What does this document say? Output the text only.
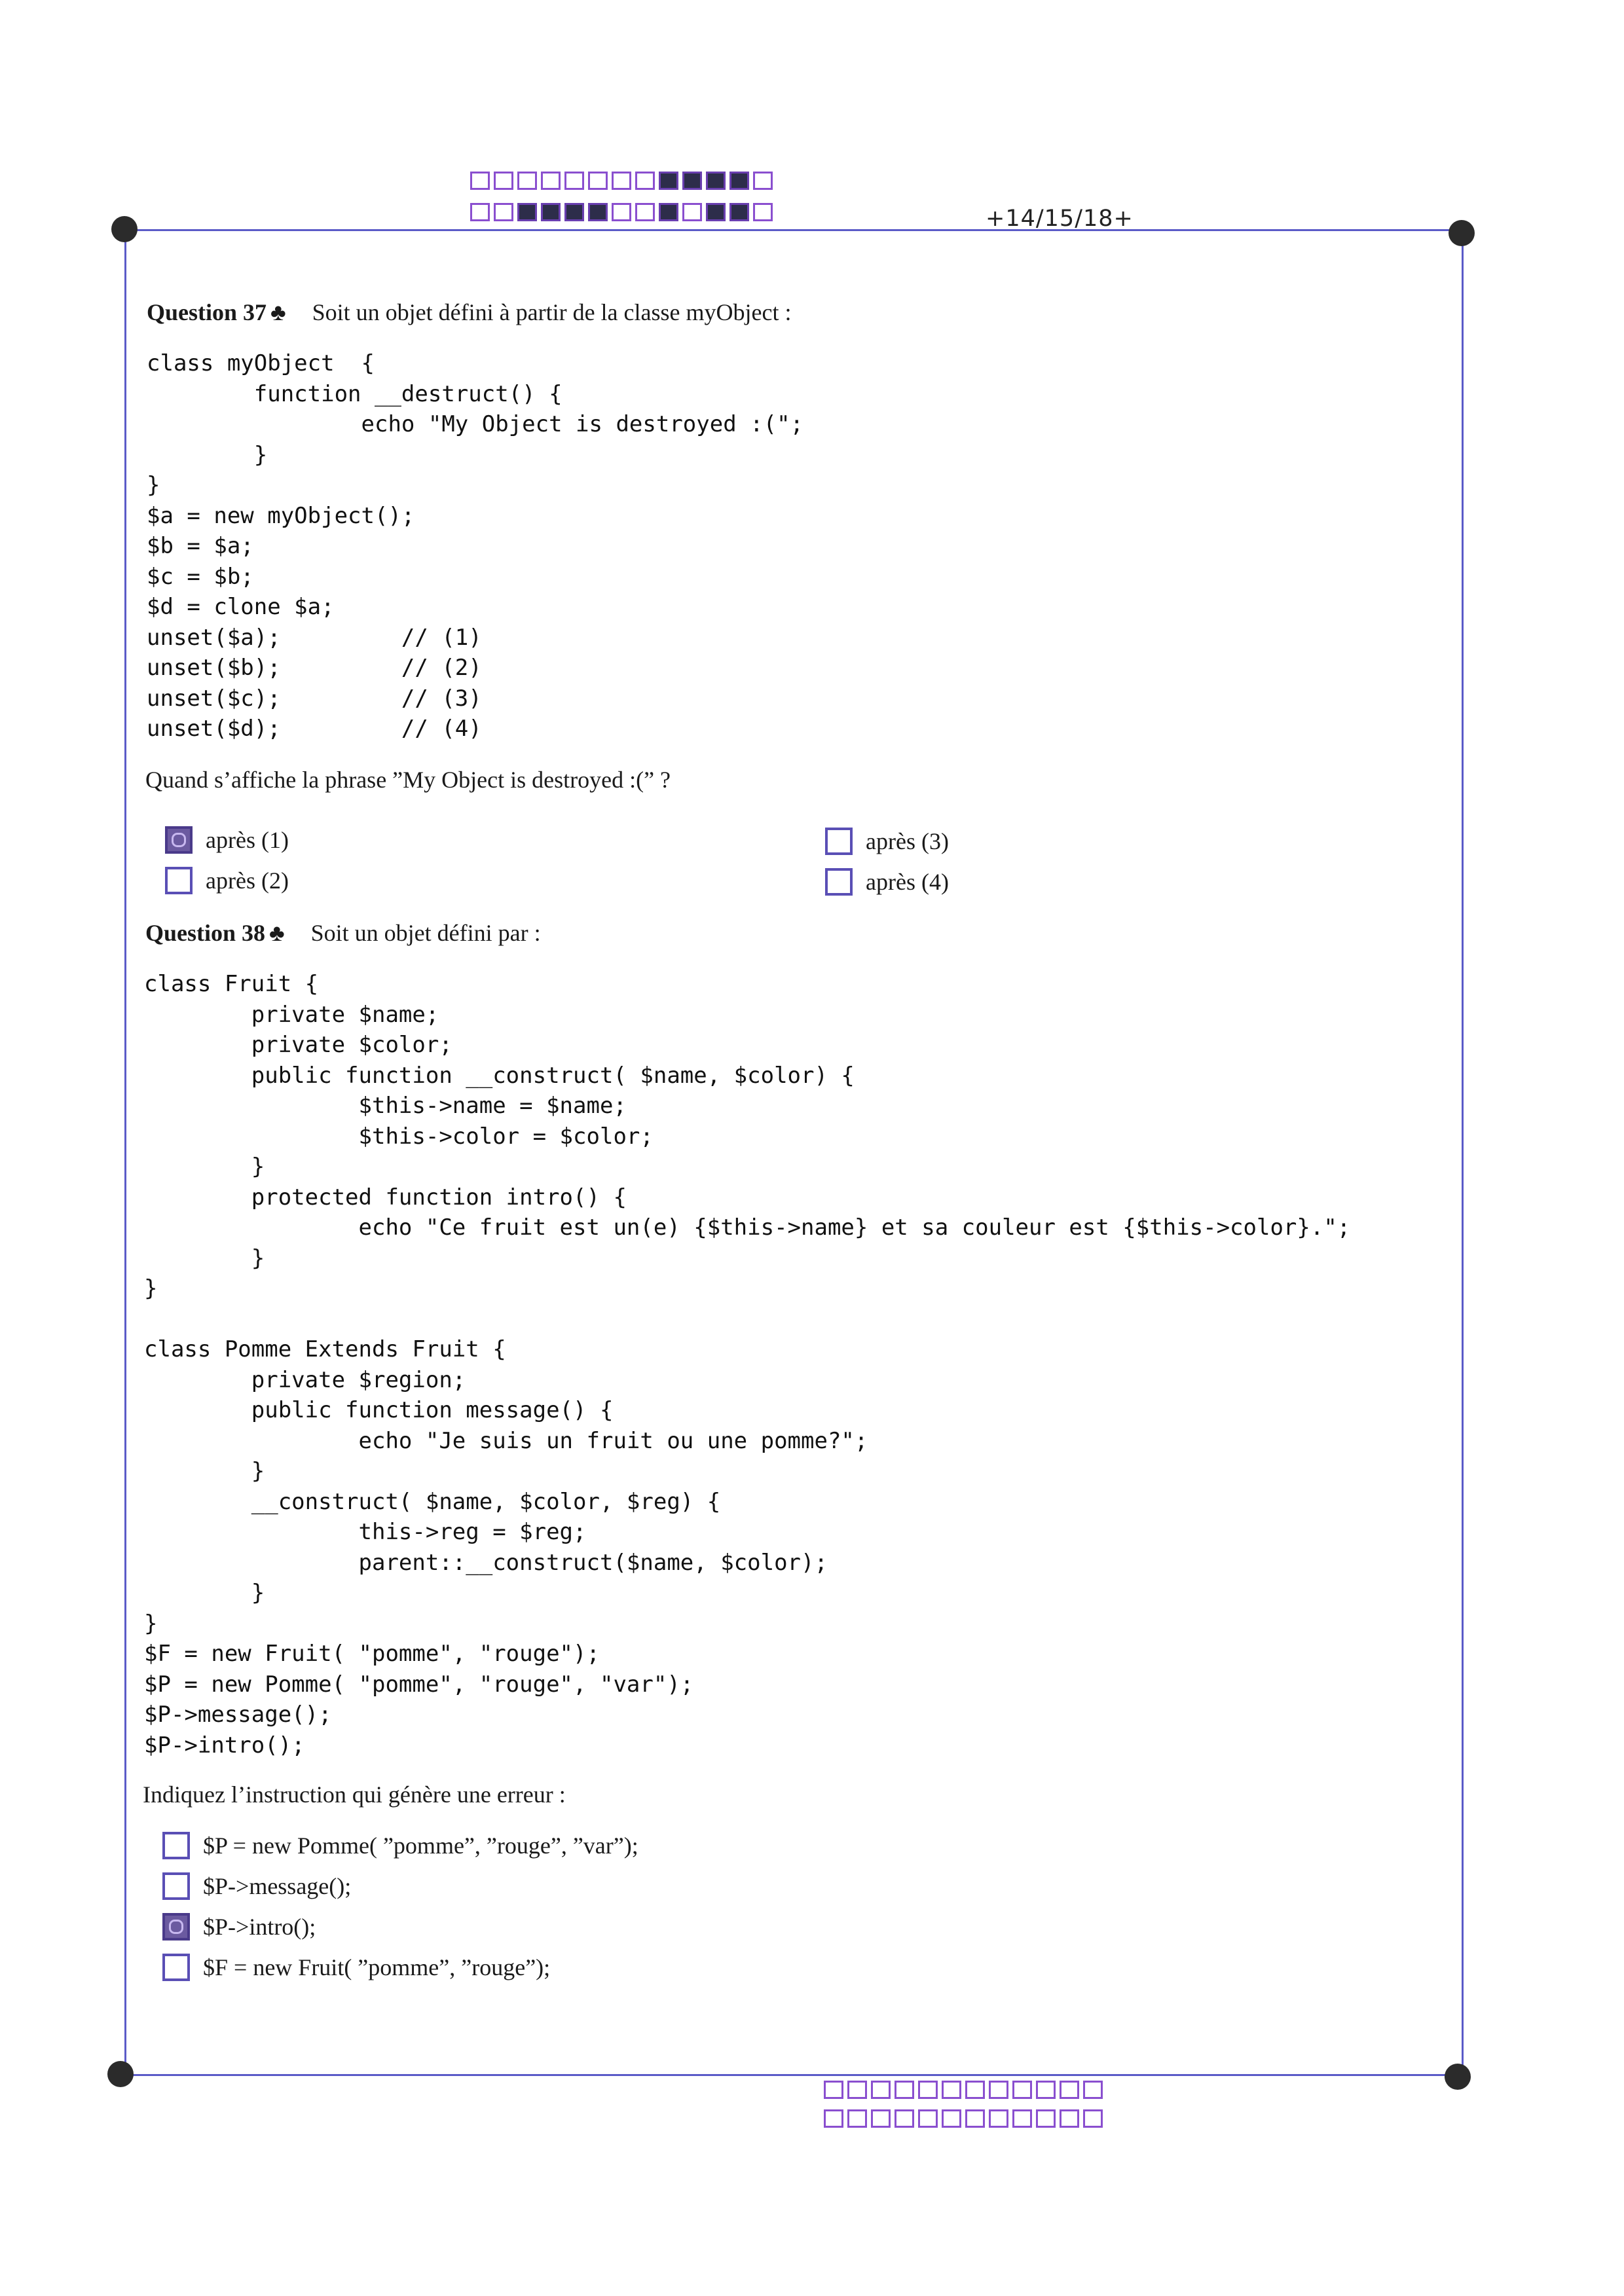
+14/15/18+
Question 37 ♣ Soit un objet défini à partir de la classe myObject :
class myObject  {
function __destruct() {
echo "My Object is destroyed :(";
}
}
$a = new myObject();
$b = $a;
$c = $b;
$d = clone $a;
unset($a);         // (1)
unset($b);         // (2)
unset($c);         // (3)
unset($d);         // (4)
Quand s’affiche la phrase ”My Object is destroyed :(” ?
après (1)
après (2)
après (3)
après (4)
Question 38 ♣ Soit un objet défini par :
class Fruit {
private $name;
private $color;
public function __construct( $name, $color) {
$this->name = $name;
$this->color = $color;
}
protected function intro() {
echo "Ce fruit est un(e) {$this->name} et sa couleur est {$this->color}.";
}
}

class Pomme Extends Fruit {
private $region;
public function message() {
echo "Je suis un fruit ou une pomme?";
}
__construct( $name, $color, $reg) {
this->reg = $reg;
parent::__construct($name, $color);
}
}
$F = new Fruit( "pomme", "rouge");
$P = new Pomme( "pomme", "rouge", "var");
$P->message();
$P->intro();
Indiquez l’instruction qui génère une erreur :
$P = new Pomme( ”pomme”, ”rouge”, ”var”);
$P->message();
$P->intro();
$F = new Fruit( ”pomme”, ”rouge”);
